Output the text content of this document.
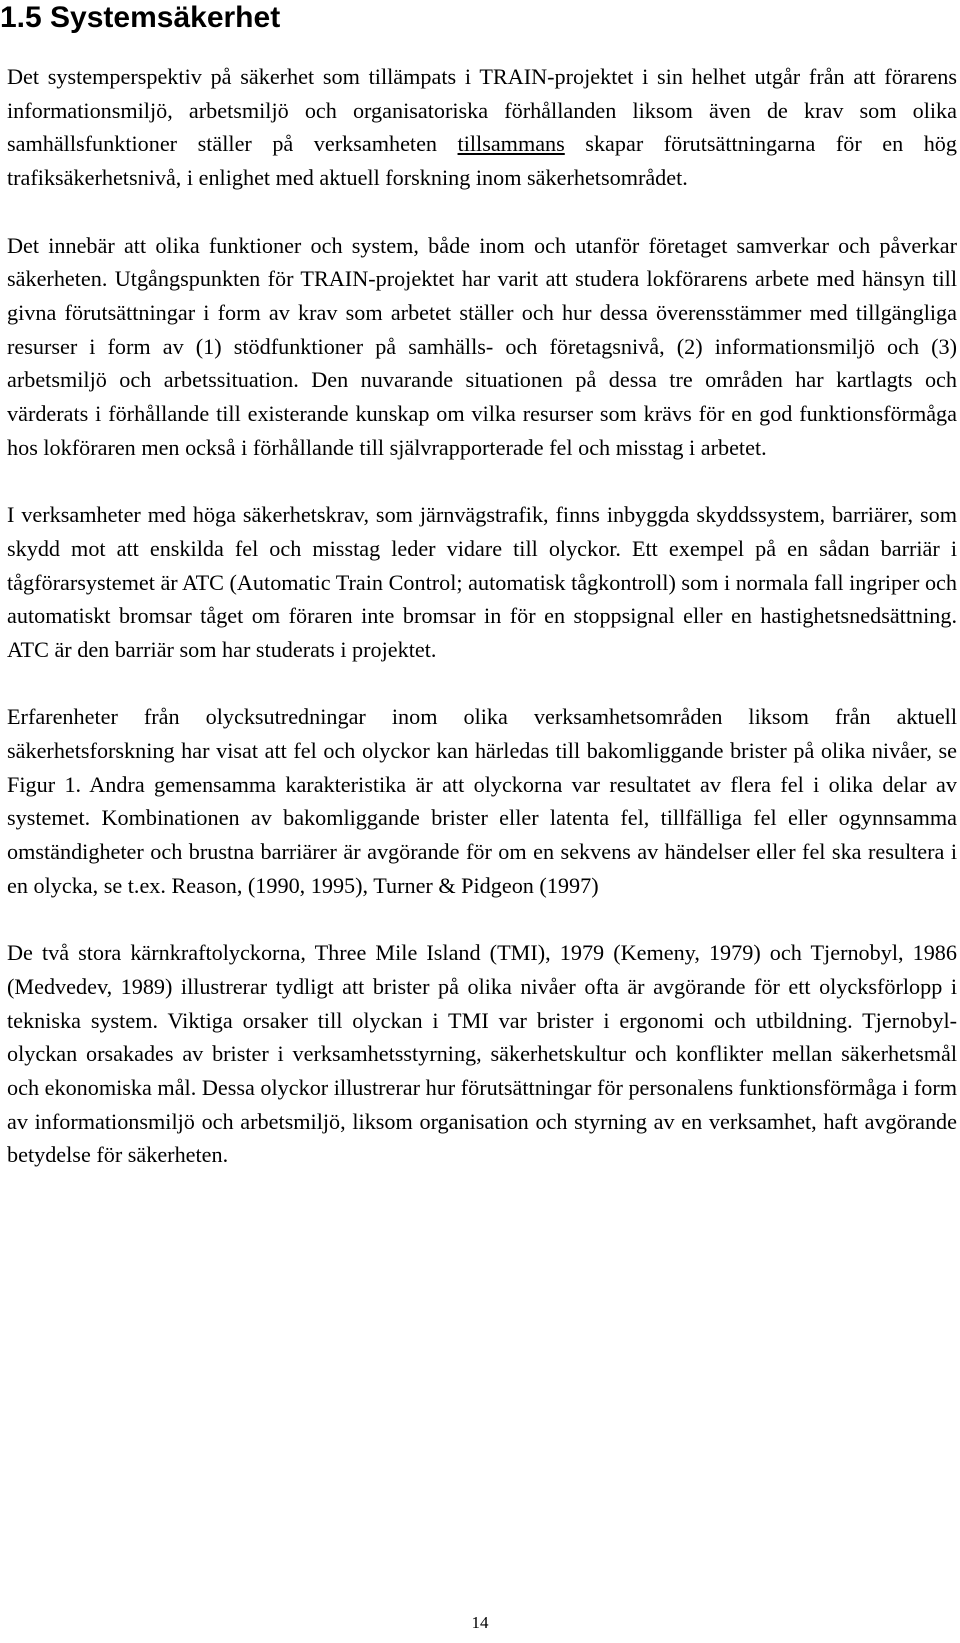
1.5 Systemsäkerhet

Det systemperspektiv på säkerhet som tillämpats i TRAIN-projektet i sin helhet utgår från att förarens informationsmiljö, arbetsmiljö och organisatoriska förhållanden liksom även de krav som olika samhällsfunktioner ställer på verksamheten tillsammans skapar förutsättningarna för en hög trafiksäkerhetsnivå, i enlighet med aktuell forskning inom säkerhetsområdet.

Det innebär att olika funktioner och system, både inom och utanför företaget samverkar och påverkar säkerheten. Utgångspunkten för TRAIN-projektet har varit att studera lokförarens arbete med hänsyn till givna förutsättningar i form av krav som arbetet ställer och hur dessa överensstämmer med tillgängliga resurser i form av (1) stödfunktioner på samhälls- och företagsnivå, (2) informationsmiljö och (3) arbetsmiljö och arbetssituation. Den nuvarande situationen på dessa tre områden har kartlagts och värderats i förhållande till existerande kunskap om vilka resurser som krävs för en god funktionsförmåga hos lokföraren men också i förhållande till självrapporterade fel och misstag i arbetet.

I verksamheter med höga säkerhetskrav, som järnvägstrafik, finns inbyggda skyddssystem, barriärer, som skydd mot att enskilda fel och misstag leder vidare till olyckor. Ett exempel på en sådan barriär i tågförarsystemet är ATC (Automatic Train Control; automatisk tågkontroll) som i normala fall ingriper och automatiskt bromsar tåget om föraren inte bromsar in för en stoppsignal eller en hastighetsnedsättning. ATC är den barriär som har studerats i projektet.

Erfarenheter från olycksutredningar inom olika verksamhetsområden liksom från aktuell säkerhetsforskning har visat att fel och olyckor kan härledas till bakomliggande brister på olika nivåer, se Figur 1. Andra gemensamma karakteristika är att olyckorna var resultatet av flera fel i olika delar av systemet. Kombinationen av bakomliggande brister eller latenta fel, tillfälliga fel eller ogynnsamma omständigheter och brustna barriärer är avgörande för om en sekvens av händelser eller fel ska resultera i en olycka, se t.ex. Reason, (1990, 1995), Turner & Pidgeon (1997)

De två stora kärnkraftolyckorna, Three Mile Island (TMI), 1979 (Kemeny, 1979) och Tjernobyl, 1986 (Medvedev, 1989) illustrerar tydligt att brister på olika nivåer ofta är avgörande för ett olycksförlopp i tekniska system. Viktiga orsaker till olyckan i TMI var brister i ergonomi och utbildning. Tjernobyl-olyckan orsakades av brister i verksamhetsstyrning, säkerhetskultur och konflikter mellan säkerhetsmål och ekonomiska mål. Dessa olyckor illustrerar hur förutsättningar för personalens funktionsförmåga i form av informationsmiljö och arbetsmiljö, liksom organisation och styrning av en verksamhet, haft avgörande betydelse för säkerheten.

14
